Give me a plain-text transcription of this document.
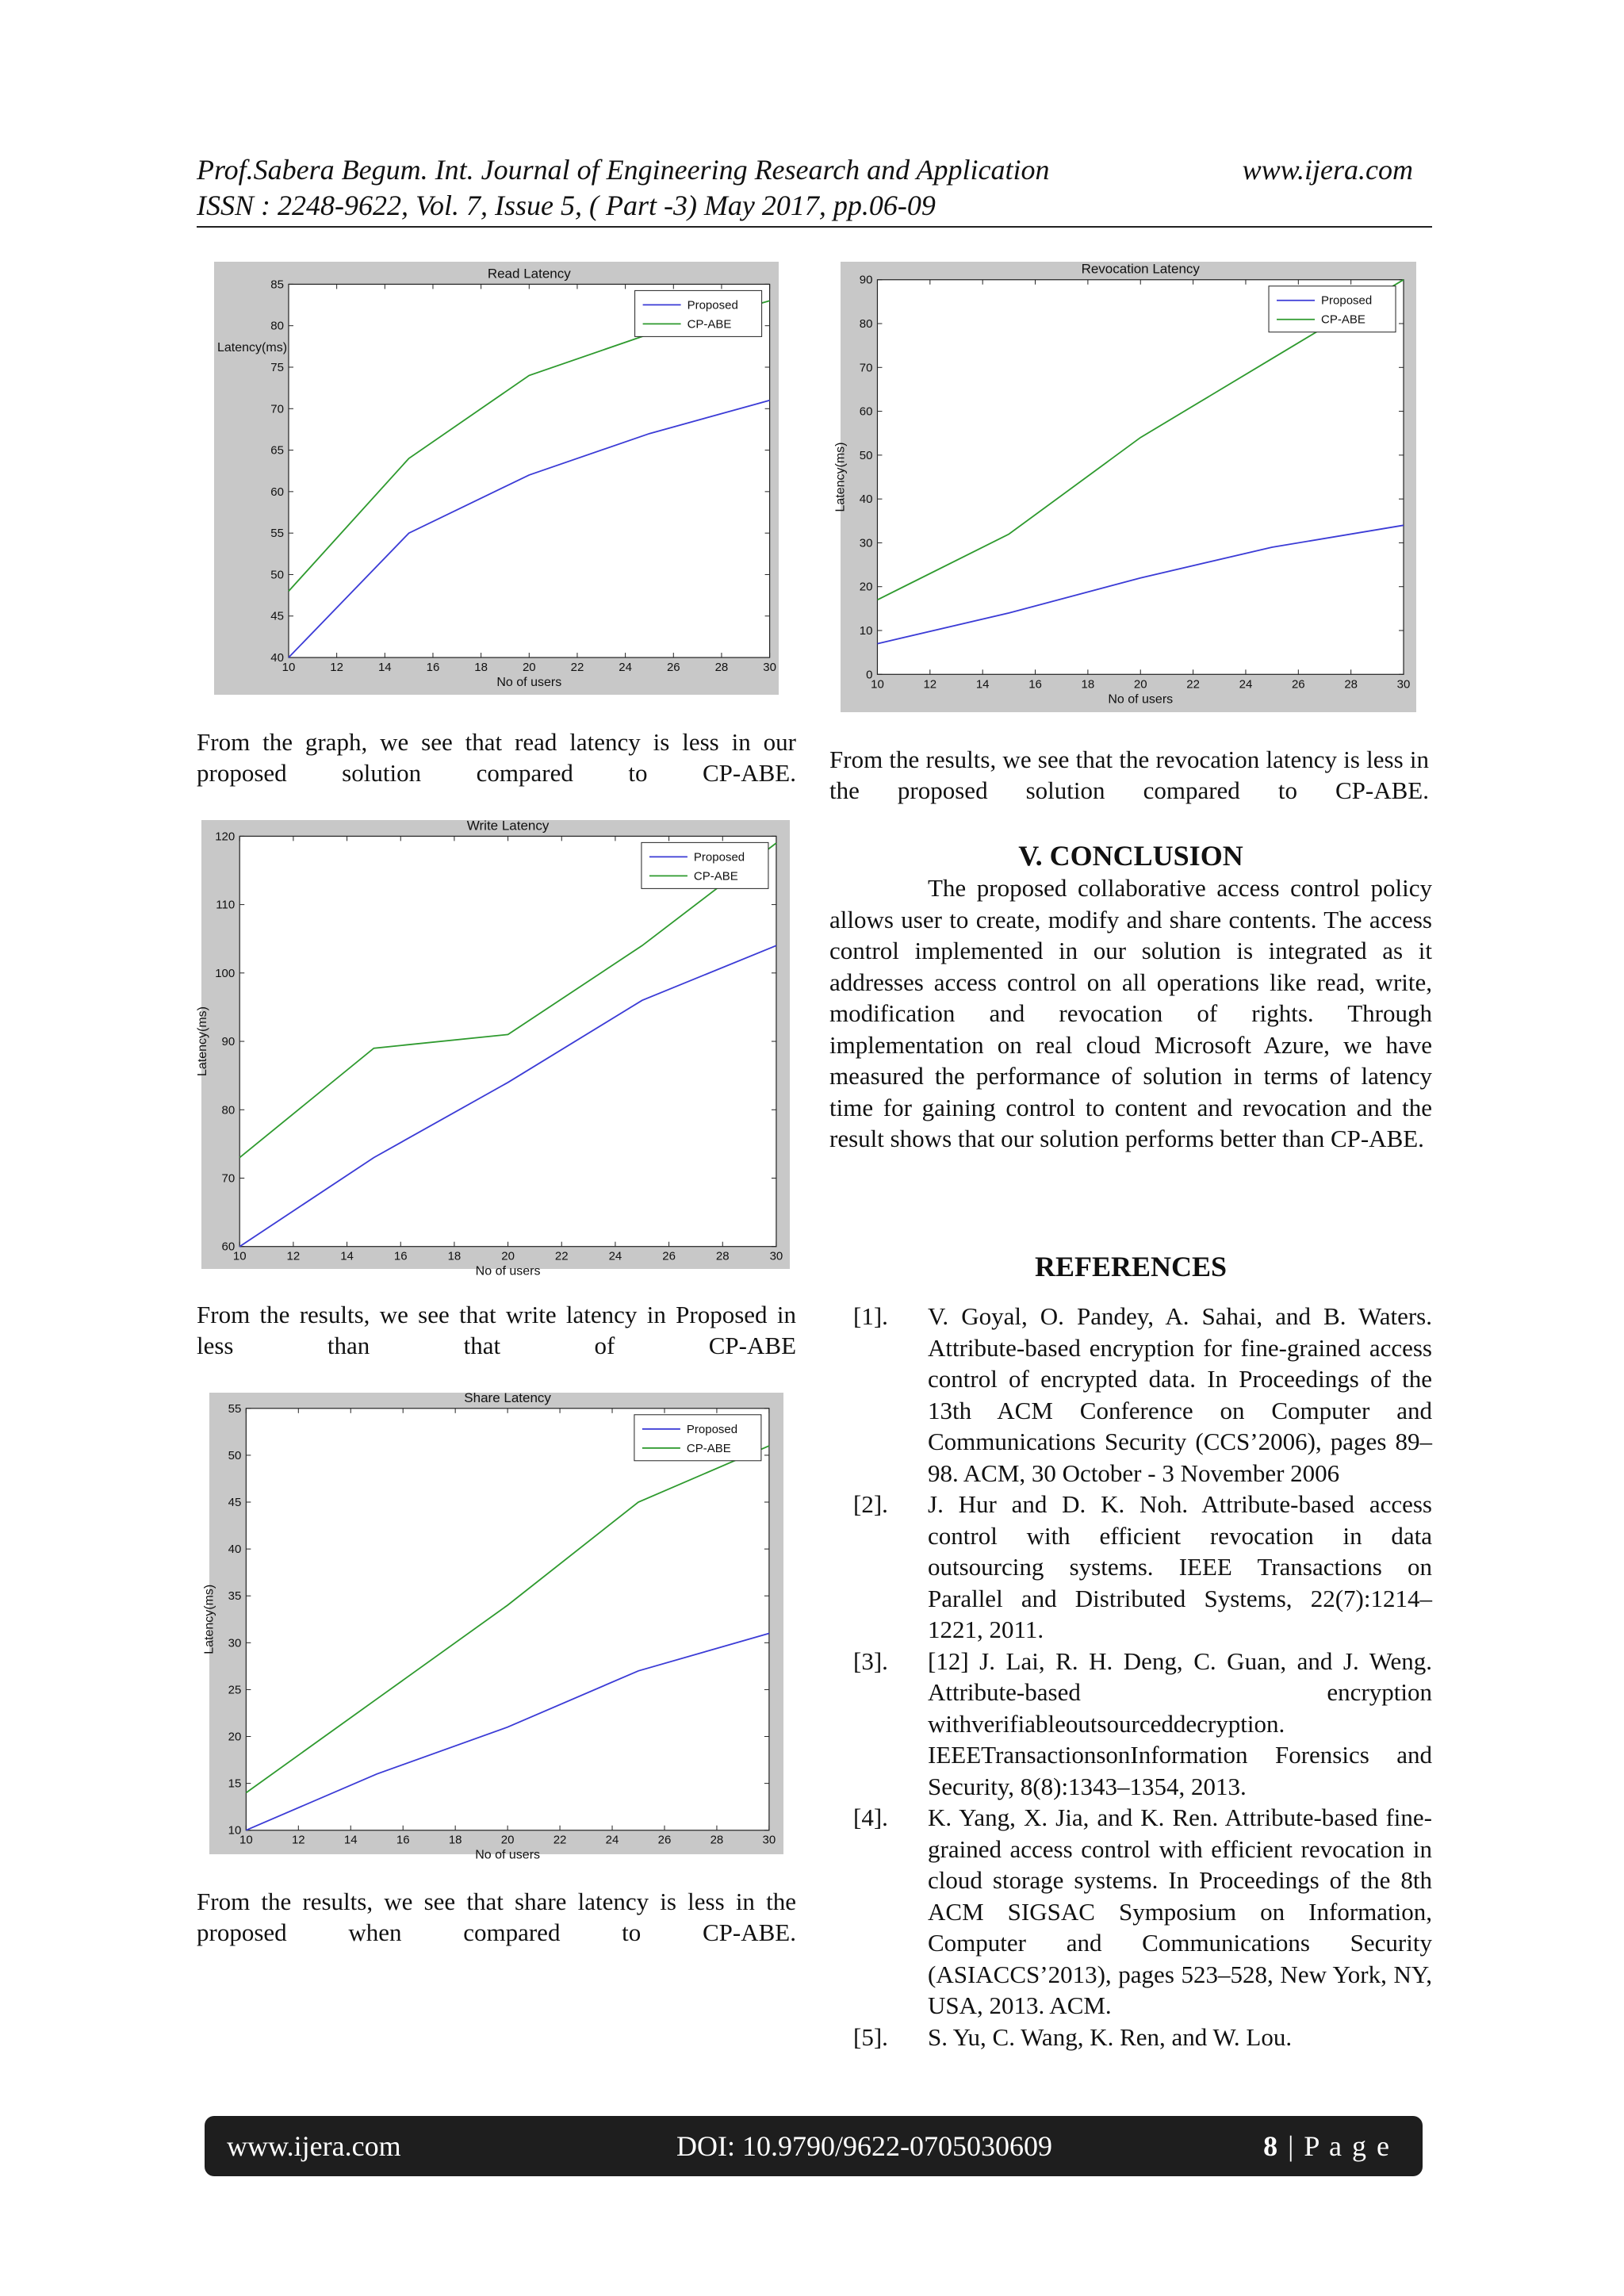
Prof.Sabera Begum. Int. Journal of Engineering Research and Application	www.ijera.com
ISSN : 2248-9622, Vol. 7, Issue 5, ( Part -3) May 2017, pp.06-09
Read Latency
10	12	14	16	18	20	22	24	26	28	30
40
45
50
55
60
65
70
75
80
85
No of users
Latency(ms)
Proposed
CP-ABE
From the graph, we see that read latency is less in our proposed solution compared to CP-ABE.
Write Latency
10	12	14	16	18	20	22	24	26	28	30
60
70
80
90
100
110
120
No of users
Latency(ms)
Proposed
CP-ABE
From the results, we see that write latency in Proposed in less than that of CP-ABE
Share Latency
10	12	14	16	18	20	22	24	26	28	30
10
15
20
25
30
35
40
45
50
55
No of users
Latency(ms)
Proposed
CP-ABE
From the results, we see that share latency is less in the proposed when compared to CP-ABE.
Revocation Latency
10	12	14	16	18	20	22	24	26	28	30
0
10
20
30
40
50
60
70
80
90
No of users
Latency(ms)
Proposed
CP-ABE
From the results, we see that the revocation latency is less in the proposed solution compared to CP-ABE.
V. CONCLUSION
The proposed collaborative access control policy allows user to create, modify and share contents. The access control implemented in our solution is integrated as it addresses access control on all operations like read, write, modification and revocation of rights. Through implementation on real cloud Microsoft Azure, we have measured the performance of solution in terms of latency time for gaining control to content and revocation and the result shows that our solution performs better than CP-ABE.
REFERENCES
[1].	V. Goyal, O. Pandey, A. Sahai, and B. Waters. Attribute-based encryption for fine-grained access control of encrypted data. In Proceedings of the 13th ACM Conference on Computer and Communications Security (CCS’2006), pages 89–98. ACM, 30 October - 3 November 2006
[2].	J. Hur and D. K. Noh. Attribute-based access control with efficient revocation in data outsourcing systems. IEEE Transactions on Parallel and Distributed Systems, 22(7):1214–1221, 2011.
[3].	[12] J. Lai, R. H. Deng, C. Guan, and J. Weng. Attribute-based encryption withverifiableoutsourceddecryption. IEEETransactionsonInformation Forensics and Security, 8(8):1343–1354, 2013.
[4].	K. Yang, X. Jia, and K. Ren. Attribute-based fine-grained access control with efficient revocation in cloud storage systems. In Proceedings of the 8th ACM SIGSAC Symposium on Information, Computer and Communications Security (ASIACCS’2013), pages 523–528, New York, NY, USA, 2013. ACM.
[5].	S. Yu, C. Wang, K. Ren, and W. Lou.
www.ijera.com	DOI: 10.9790/9622-0705030609	8 | P a g e
